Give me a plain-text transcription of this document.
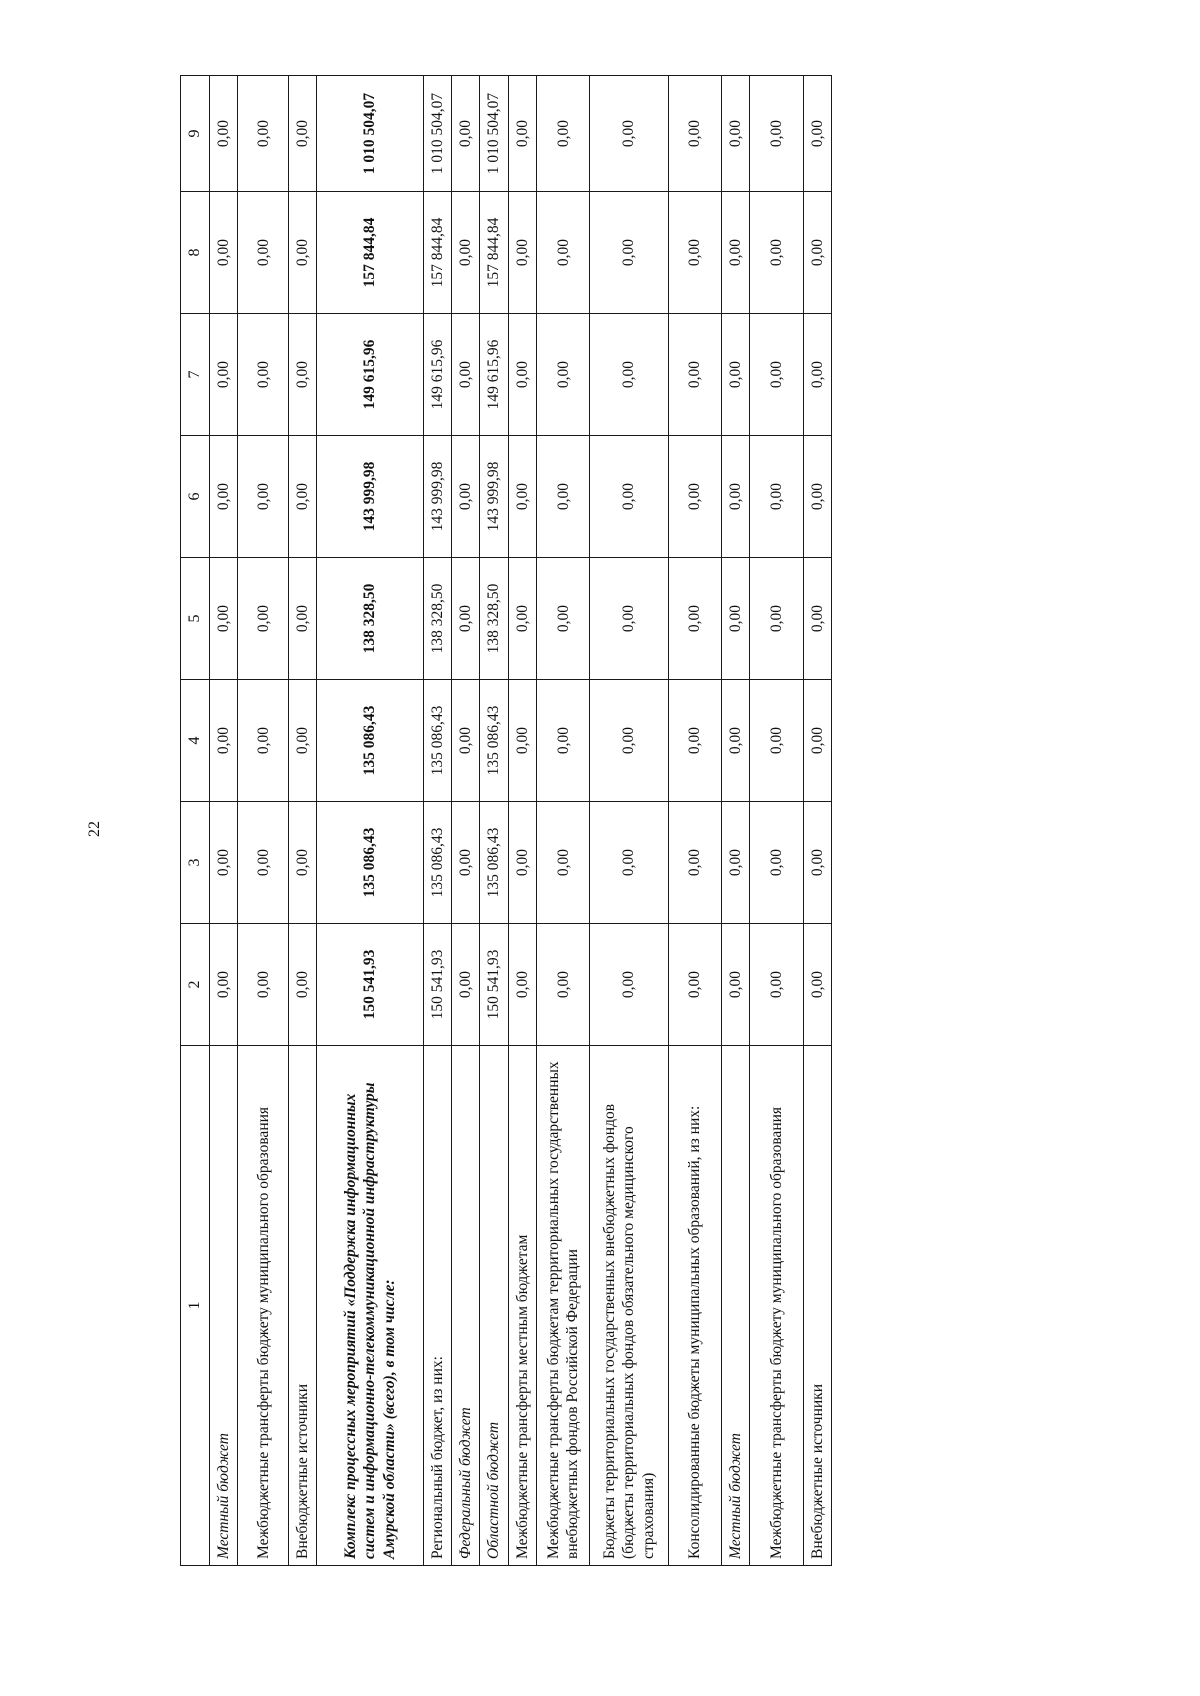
22
1	2	3	4	5	6	7	8	9
Местный бюджет	0,00	0,00	0,00	0,00	0,00	0,00	0,00	0,00
Межбюджетные трансферты бюджету муниципального образования	0,00	0,00	0,00	0,00	0,00	0,00	0,00	0,00
Внебюджетные источники	0,00	0,00	0,00	0,00	0,00	0,00	0,00	0,00
Комплекс процессных мероприятий «Поддержка информационных систем и информационно-телекоммуникационной инфраструктуры Амурской области» (всего), в том числе:	150 541,93	135 086,43	135 086,43	138 328,50	143 999,98	149 615,96	157 844,84	1 010 504,07
Региональный бюджет, из них:	150 541,93	135 086,43	135 086,43	138 328,50	143 999,98	149 615,96	157 844,84	1 010 504,07
Федеральный бюджет	0,00	0,00	0,00	0,00	0,00	0,00	0,00	0,00
Областной бюджет	150 541,93	135 086,43	135 086,43	138 328,50	143 999,98	149 615,96	157 844,84	1 010 504,07
Межбюджетные трансферты местным бюджетам	0,00	0,00	0,00	0,00	0,00	0,00	0,00	0,00
Межбюджетные трансферты бюджетам территориальных государственных внебюджетных фондов Российской Федерации	0,00	0,00	0,00	0,00	0,00	0,00	0,00	0,00
Бюджеты территориальных государственных внебюджетных фондов (бюджеты территориальных фондов обязательного медицинского страхования)	0,00	0,00	0,00	0,00	0,00	0,00	0,00	0,00
Консолидированные бюджеты муниципальных образований, из них:	0,00	0,00	0,00	0,00	0,00	0,00	0,00	0,00
Местный бюджет	0,00	0,00	0,00	0,00	0,00	0,00	0,00	0,00
Межбюджетные трансферты бюджету муниципального образования	0,00	0,00	0,00	0,00	0,00	0,00	0,00	0,00
Внебюджетные источники	0,00	0,00	0,00	0,00	0,00	0,00	0,00	0,00
